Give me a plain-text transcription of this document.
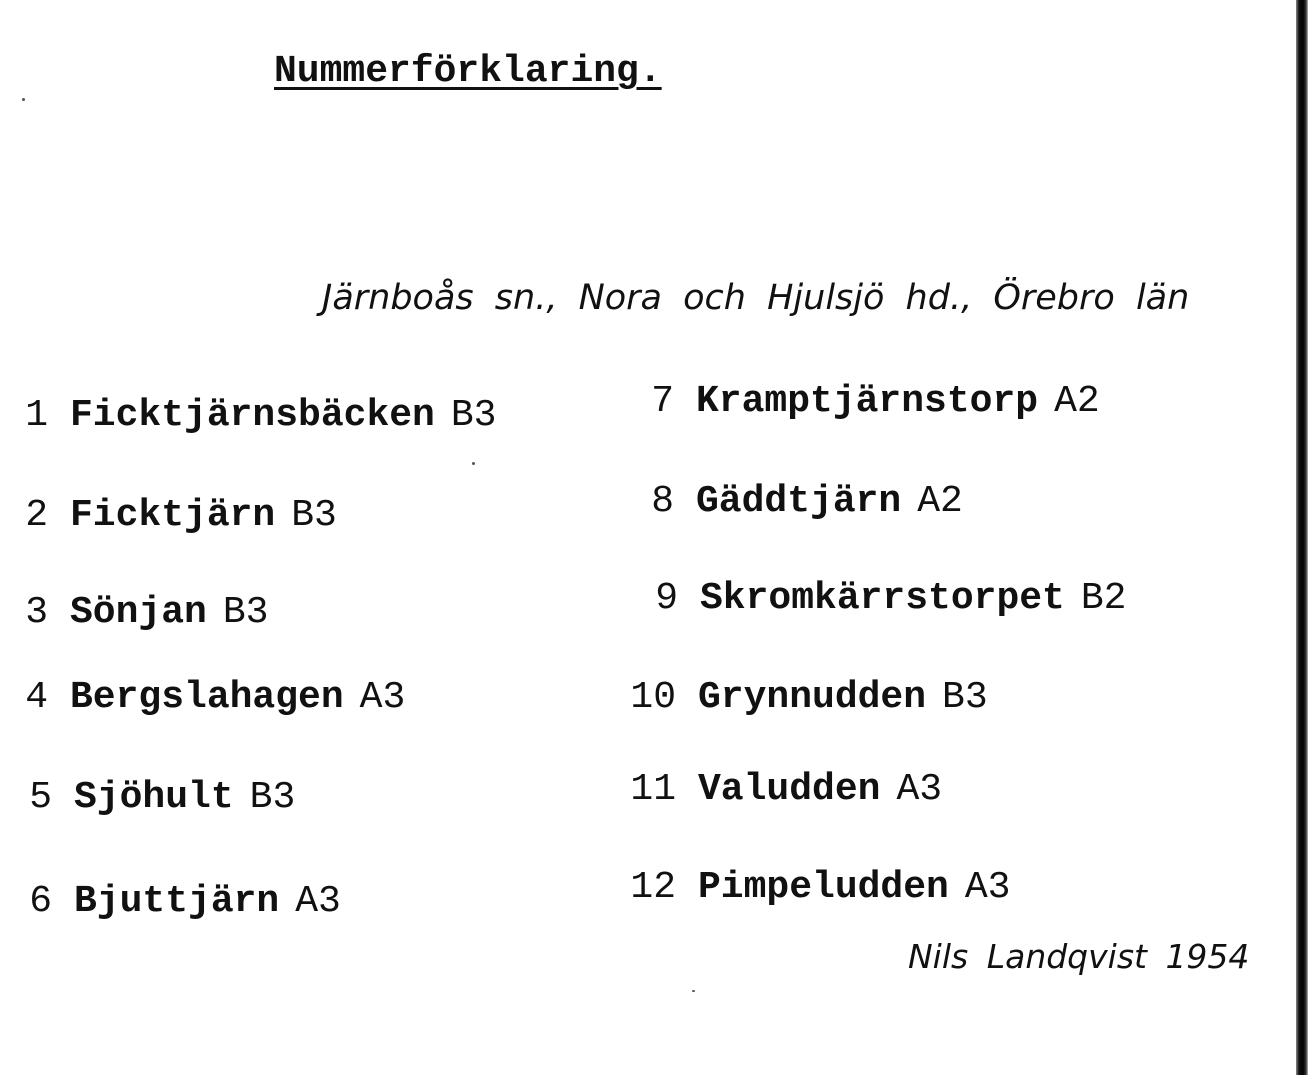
Nummerförklaring.
Järnboås sn., Nora och Hjulsjö hd., Örebro län
1 Ficktjärnsbäcken B3
2 Ficktjärn B3
3 Sönjan B3
4 Bergslahagen A3
5 Sjöhult B3
6 Bjuttjärn A3
7 Kramptjärnstorp A2
8 Gäddtjärn A2
9 Skromkärrstorpet B2
10 Grynnudden B3
11 Valudden A3
12 Pimpeludden A3
Nils Landqvist 1954
